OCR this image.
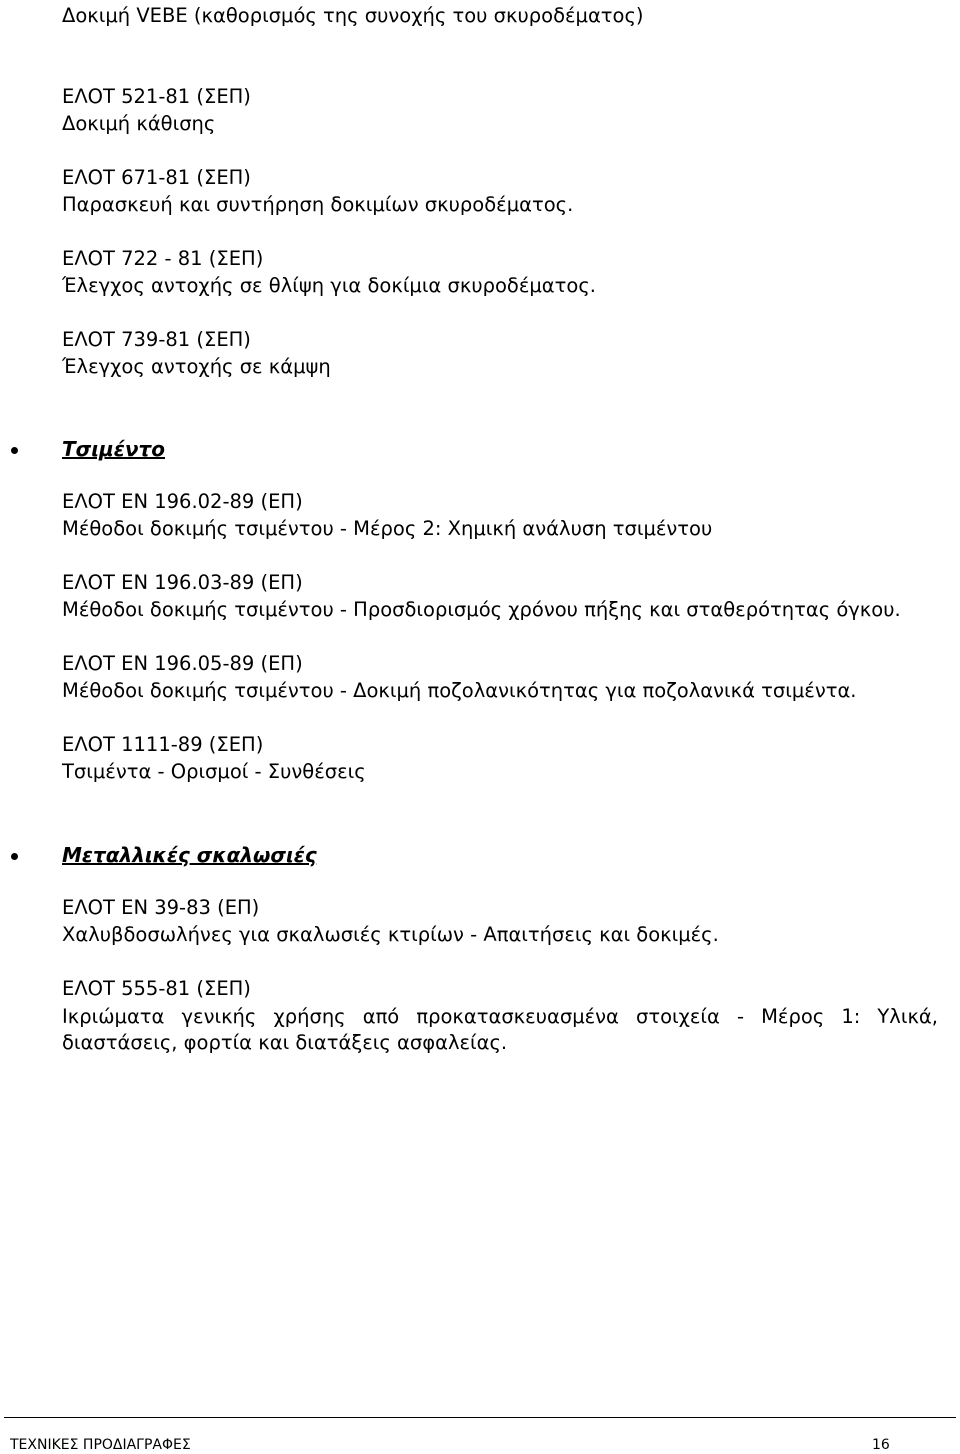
Δοκιμή VEBE (καθορισμός της συνοχής του σκυροδέματος)
ΕΛΟΤ 521-81 (ΣΕΠ)
Δοκιμή κάθισης
ΕΛΟΤ 671-81 (ΣΕΠ)
Παρασκευή και συντήρηση δοκιμίων σκυροδέματος.
ΕΛΟΤ 722 - 81 (ΣΕΠ)
Έλεγχος αντοχής σε θλίψη για δοκίμια σκυροδέματος.
ΕΛΟΤ 739-81 (ΣΕΠ)
Έλεγχος αντοχής σε κάμψη
Τσιμέντο
ΕΛΟΤ ΕΝ 196.02-89 (ΕΠ)
Μέθοδοι δοκιμής τσιμέντου - Μέρος 2: Χημική ανάλυση τσιμέντου
ΕΛΟΤ ΕΝ 196.03-89 (ΕΠ)
Μέθοδοι δοκιμής τσιμέντου - Προσδιορισμός χρόνου πήξης και σταθερότητας όγκου.
ΕΛΟΤ ΕΝ 196.05-89 (ΕΠ)
Μέθοδοι δοκιμής τσιμέντου - Δοκιμή ποζολανικότητας για ποζολανικά τσιμέντα.
ΕΛΟΤ 1111-89 (ΣΕΠ)
Τσιμέντα - Ορισμοί - Συνθέσεις
Μεταλλικές σκαλωσιές
ΕΛΟΤ ΕΝ 39-83 (ΕΠ)
Χαλυβδοσωλήνες για σκαλωσιές κτιρίων - Απαιτήσεις και δοκιμές.
ΕΛΟΤ 555-81 (ΣΕΠ)
Ικριώματα γενικής χρήσης από προκατασκευασμένα στοιχεία - Μέρος 1: Υλικά,
διαστάσεις, φορτία και διατάξεις ασφαλείας.
ΤΕΧΝΙΚΕΣ ΠΡΟΔΙΑΓΡΑΦΕΣ	16
